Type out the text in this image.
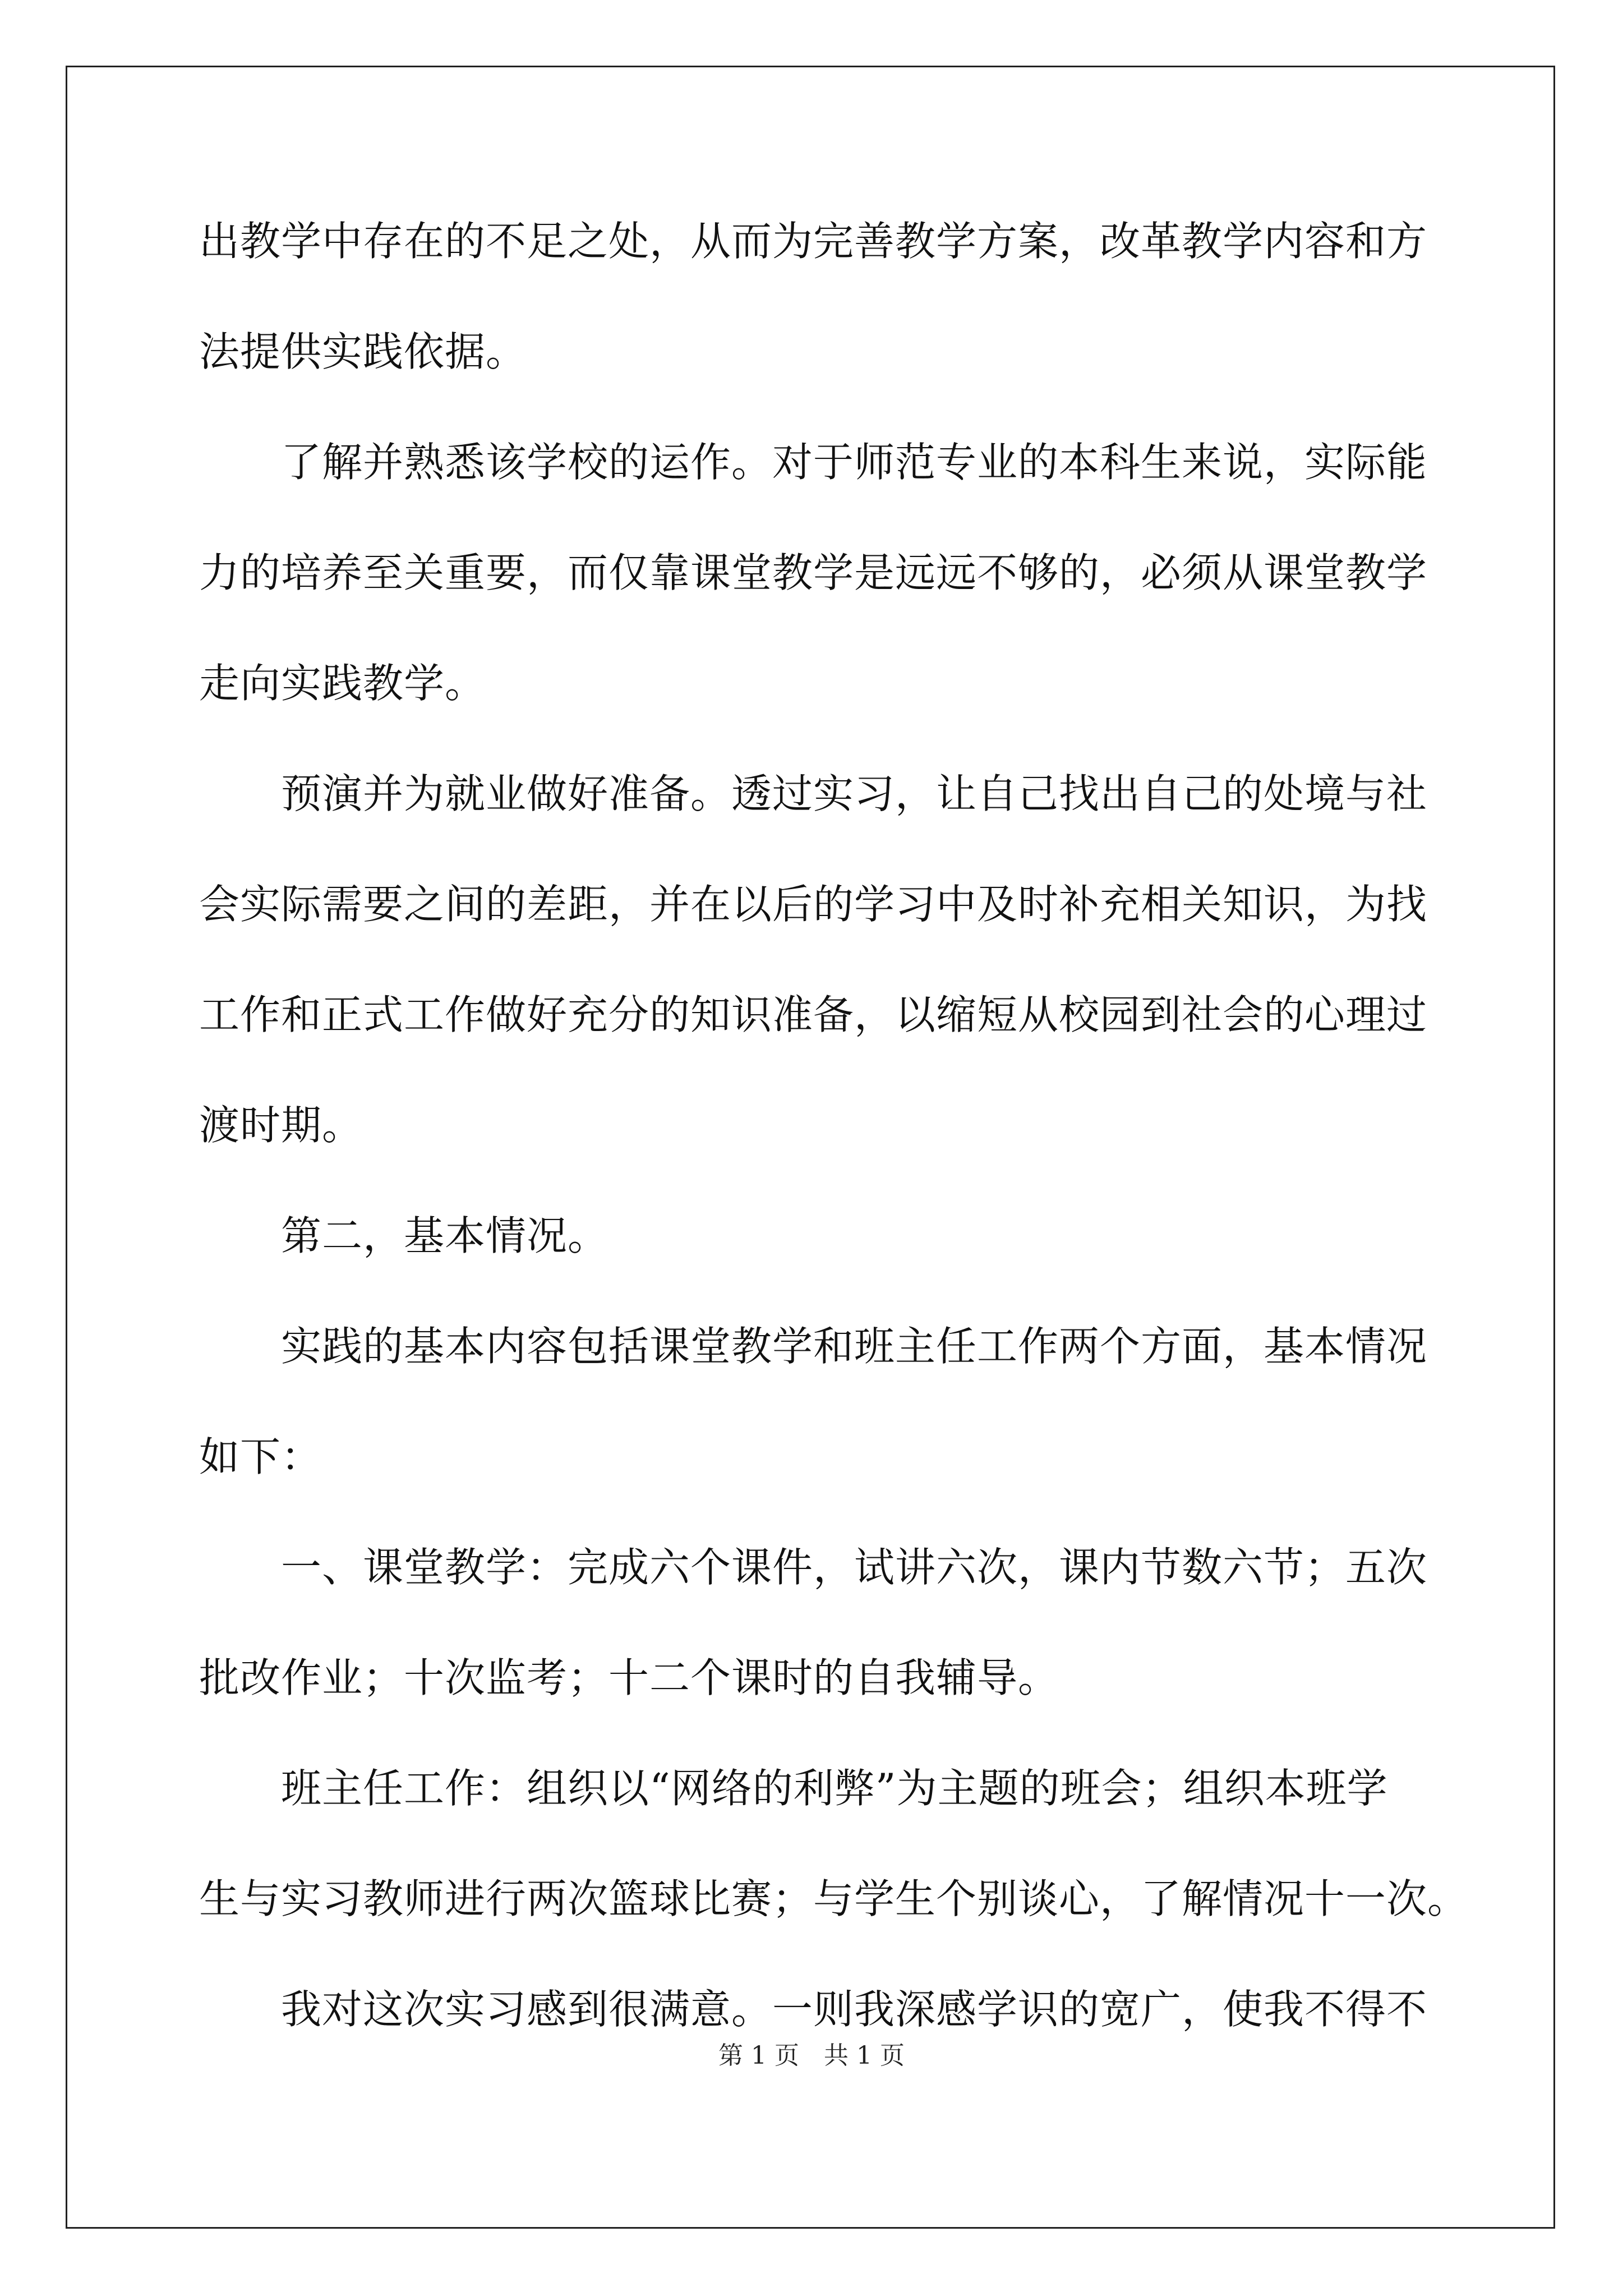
出教学中存在的不足之处，从而为完善教学方案，改革教学内容和方
法提供实践依据。
　　了解并熟悉该学校的运作。对于师范专业的本科生来说，实际能
力的培养至关重要，而仅靠课堂教学是远远不够的，必须从课堂教学
走向实践教学。
　　预演并为就业做好准备。透过实习，让自己找出自己的处境与社
会实际需要之间的差距，并在以后的学习中及时补充相关知识，为找
工作和正式工作做好充分的知识准备，以缩短从校园到社会的心理过
渡时期。
　　第二，基本情况。
　　实践的基本内容包括课堂教学和班主任工作两个方面，基本情况
如下：
　　一、课堂教学：完成六个课件，试讲六次，课内节数六节；五次
批改作业；十次监考；十二个课时的自我辅导。
　　班主任工作：组织以“网络的利弊”为主题的班会；组织本班学
生与实习教师进行两次篮球比赛；与学生个别谈心，了解情况十一次。
　　我对这次实习感到很满意。一则我深感学识的宽广，使我不得不
第 1 页　共 1 页
